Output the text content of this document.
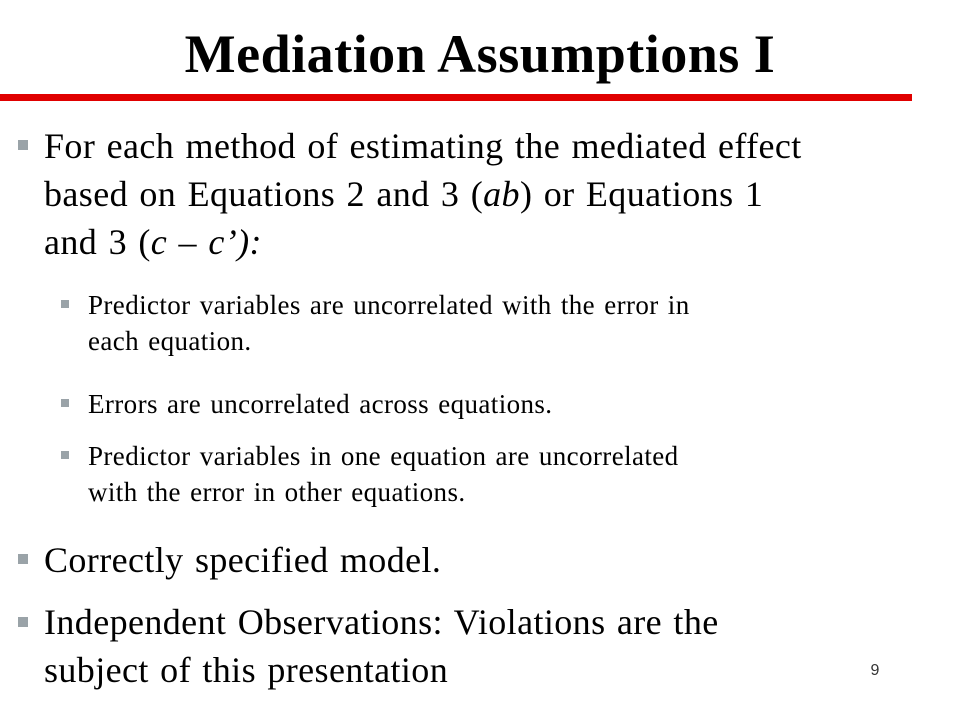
Mediation Assumptions I
For each method of estimating the mediated effect
based on Equations 2 and 3 (ab) or Equations 1
and 3 (c – c’):
Predictor variables are uncorrelated with the error in
each equation.
Errors are uncorrelated across equations.
Predictor variables in one equation are uncorrelated
with the error in other equations.
Correctly specified model.
Independent Observations: Violations are the
subject of this presentation	9
